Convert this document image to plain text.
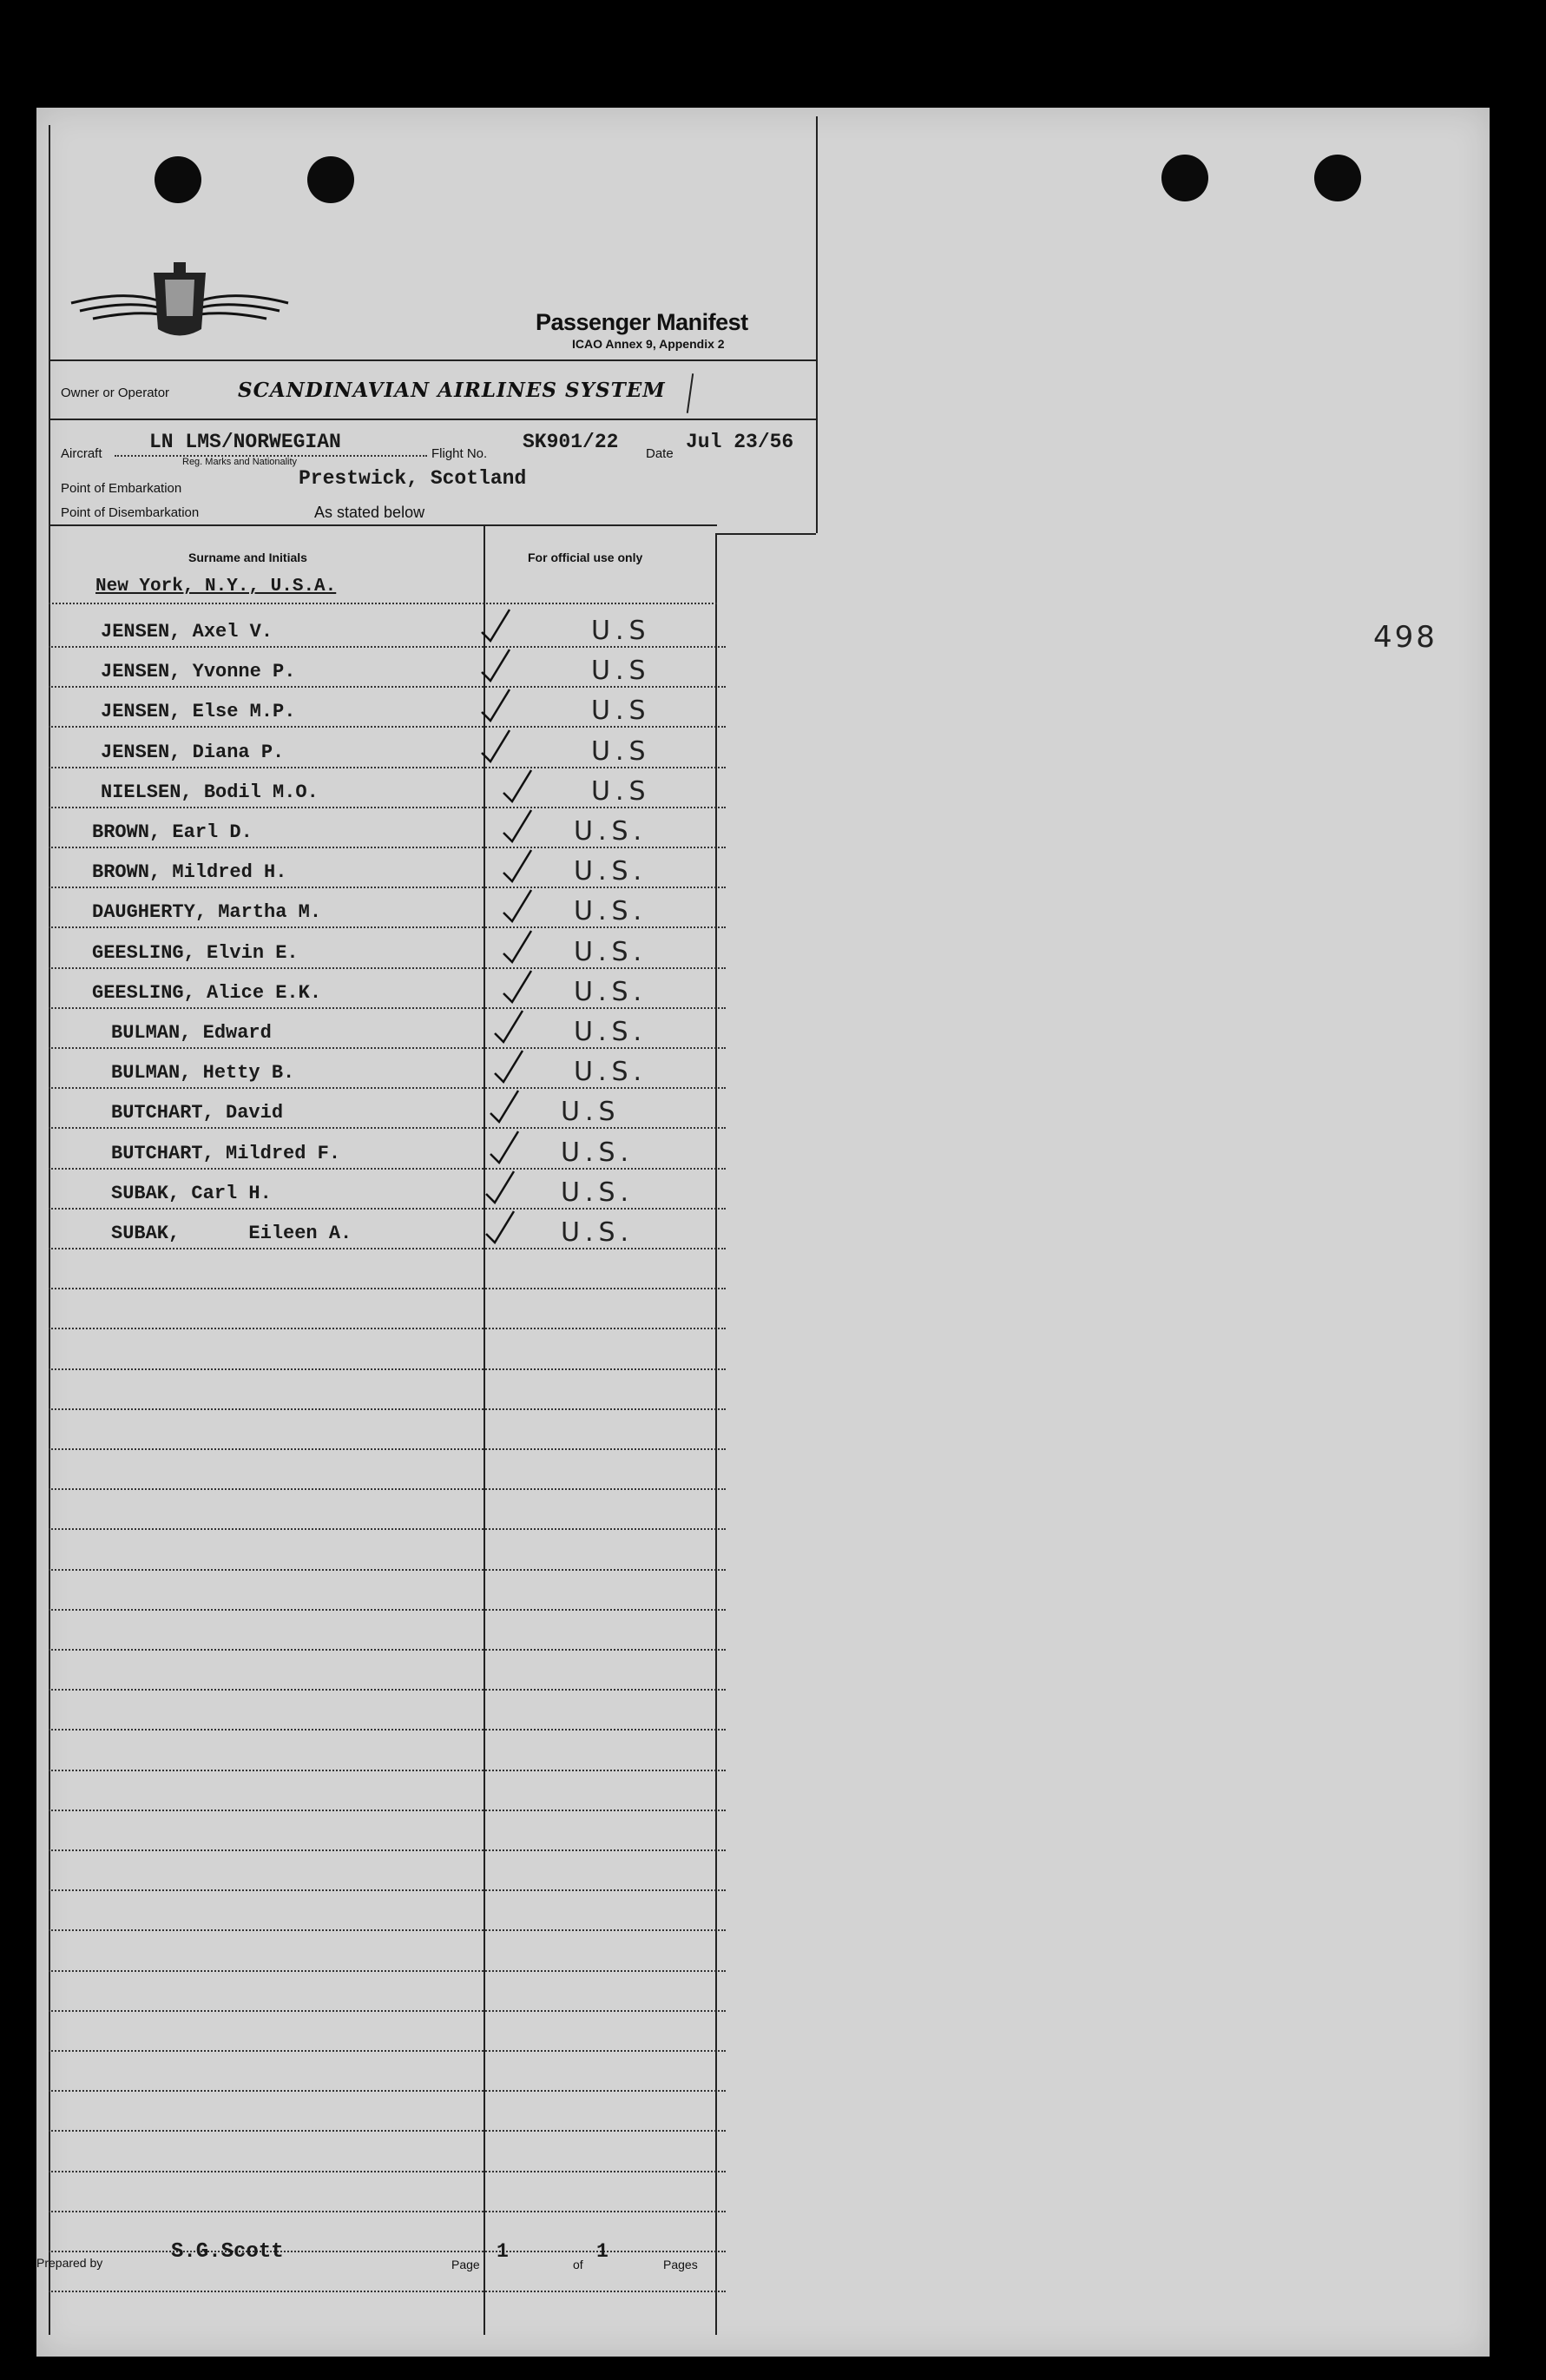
498
Passenger Manifest
ICAO Annex 9, Appendix 2
Owner or Operator	SCANDINAVIAN AIRLINES SYSTEM
Aircraft
LN LMS/NORWEGIAN
Reg. Marks and Nationality
Flight No.
SK901/22
Date
Jul 23/56
Point of Embarkation	Prestwick, Scotland
Point of Disembarkation	As stated below
Surname and Initials	For official use only
New York, N.Y., U.S.A.
JENSEN, Axel V.	U.S
JENSEN, Yvonne P.	U.S
JENSEN, Else M.P.	U.S
JENSEN, Diana P.	U.S
NIELSEN, Bodil M.O.	U.S
BROWN, Earl D.	U.S.
BROWN, Mildred H.	U.S.
DAUGHERTY, Martha M.	U.S.
GEESLING, Elvin E.	U.S.
GEESLING, Alice E.K.	U.S.
BULMAN, Edward	U.S.
BULMAN, Hetty B.	U.S.
BUTCHART, David	U.S
BUTCHART, Mildred F.	U.S.
SUBAK, Carl H.	U.S.
SUBAK,      Eileen A.	U.S.
Prepared by	S.G.Scott
Page
1
of
1
Pages
